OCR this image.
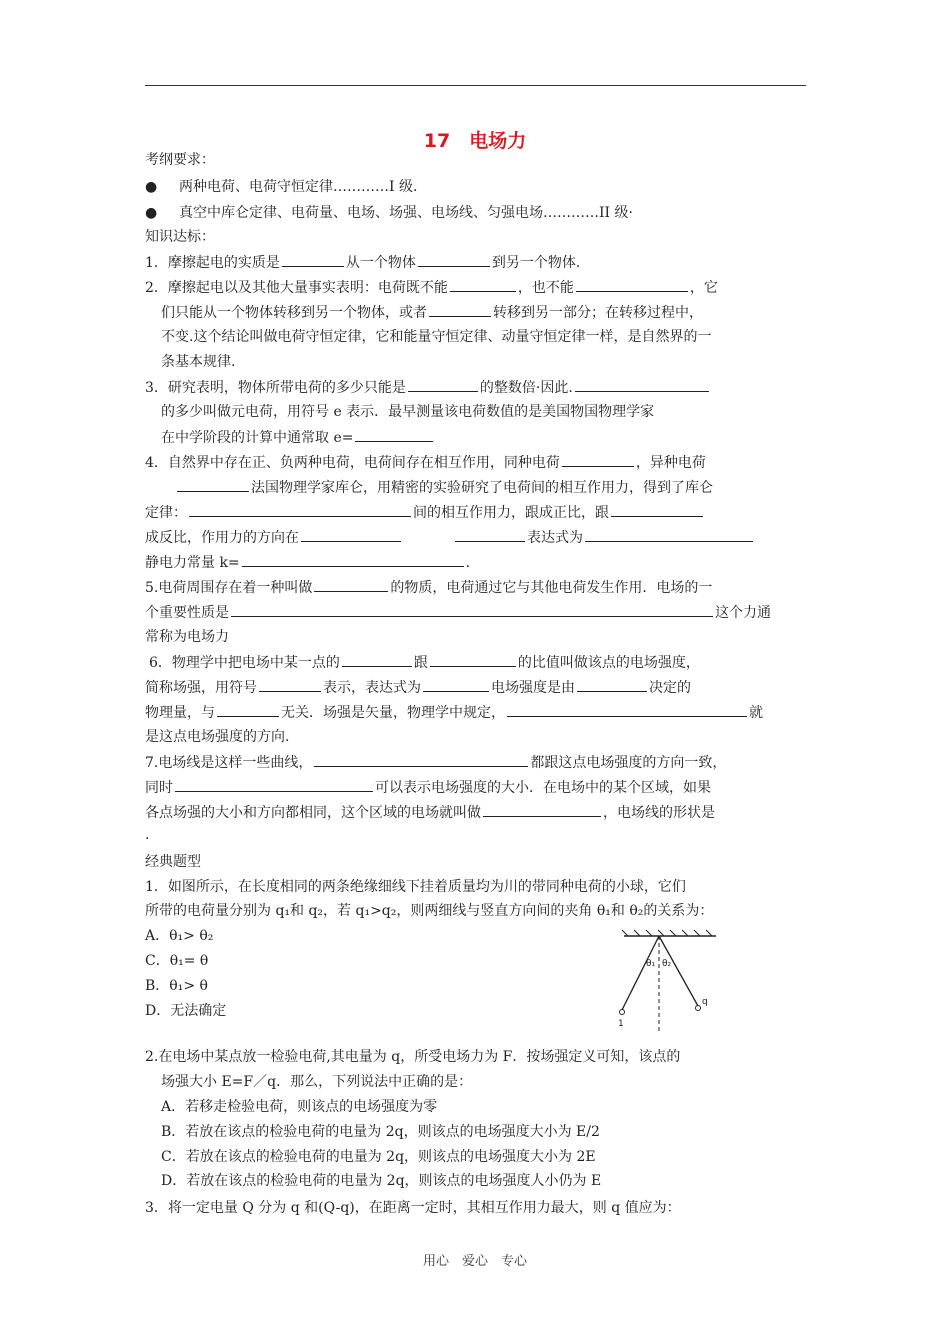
17　电场力
考纲要求：
● 两种电荷、电荷守恒定律…………I 级.
● 真空中库仑定律、电荷量、电场、场强、电场线、匀强电场…………II 级·
知识达标：
1．摩擦起电的实质是	从一个物体	到另一个物体.
2．摩擦起电以及其他大量事实表明：电荷既不能	，也不能	，它
们只能从一个物体转移到另一个物体，或者	转移到另一部分；在转移过程中，
不变.这个结论叫做电荷守恒定律，它和能量守恒定律、动量守恒定律一样，是自然界的一
条基本规律.
3．研究表明，物体所带电荷的多少只能是	的整数倍·因此.
的多少叫做元电荷，用符号 e 表示．最早测量该电荷数值的是美国物国物理学家
在中学阶段的计算中通常取 e=
4．自然界中存在正、负两种电荷，电荷间存在相互作用，同种电荷	，异种电荷
法国物理学家库仑，用精密的实验研究了电荷间的相互作用力，得到了库仑
定律：	间的相互作用力，跟成正比，跟
成反比，作用力的方向在	表达式为
静电力常量 k=	.
5.电荷周围存在着一种叫做	的物质，电荷通过它与其他电荷发生作用．电场的一
个重要性质是	这个力通
常称为电场力
6．物理学中把电场中某一点的	跟	的比值叫做该点的电场强度，
简称场强，用符号	表示，表达式为	电场强度是由	决定的
物理量，与	无关．场强是矢量，物理学中规定，	就
是这点电场强度的方向.
7.电场线是这样一些曲线，	都跟这点电场强度的方向一致，
同时	可以表示电场强度的大小．在电场中的某个区域，如果
各点场强的大小和方向都相同，这个区域的电场就叫做	，电场线的形状是
.
经典题型
1．如图所示，在长度相同的两条绝缘细线下挂着质量均为川的带同种电荷的小球，它们
所带的电荷量分别为 q₁和 q₂，若 q₁>q₂，则两细线与竖直方向间的夹角 θ₁和 θ₂的关系为：
A．θ₁> θ₂
C．θ₁= θ
B．θ₁> θ
D．无法确定
θ₁ θ₂
1
q
2.在电场中某点放一检验电荷,其电量为 q，所受电场力为 F．按场强定义可知，该点的
场强大小 E=F／q．那么，下列说法中正确的是：
A．若移走检验电荷，则该点的电场强度为零
B．若放在该点的检验电荷的电量为 2q，则该点的电场强度大小为 E/2
C．若放在该点的检验电荷的电量为 2q，则该点的电场强度大小为 2E
D．若放在该点的检验电荷的电量为 2q，则该点的电场强度人小仍为 E
3．将一定电量 Q 分为 q 和(Q-q)，在距离一定时，其相互作用力最大，则 q 值应为：
用心　爱心　专心
